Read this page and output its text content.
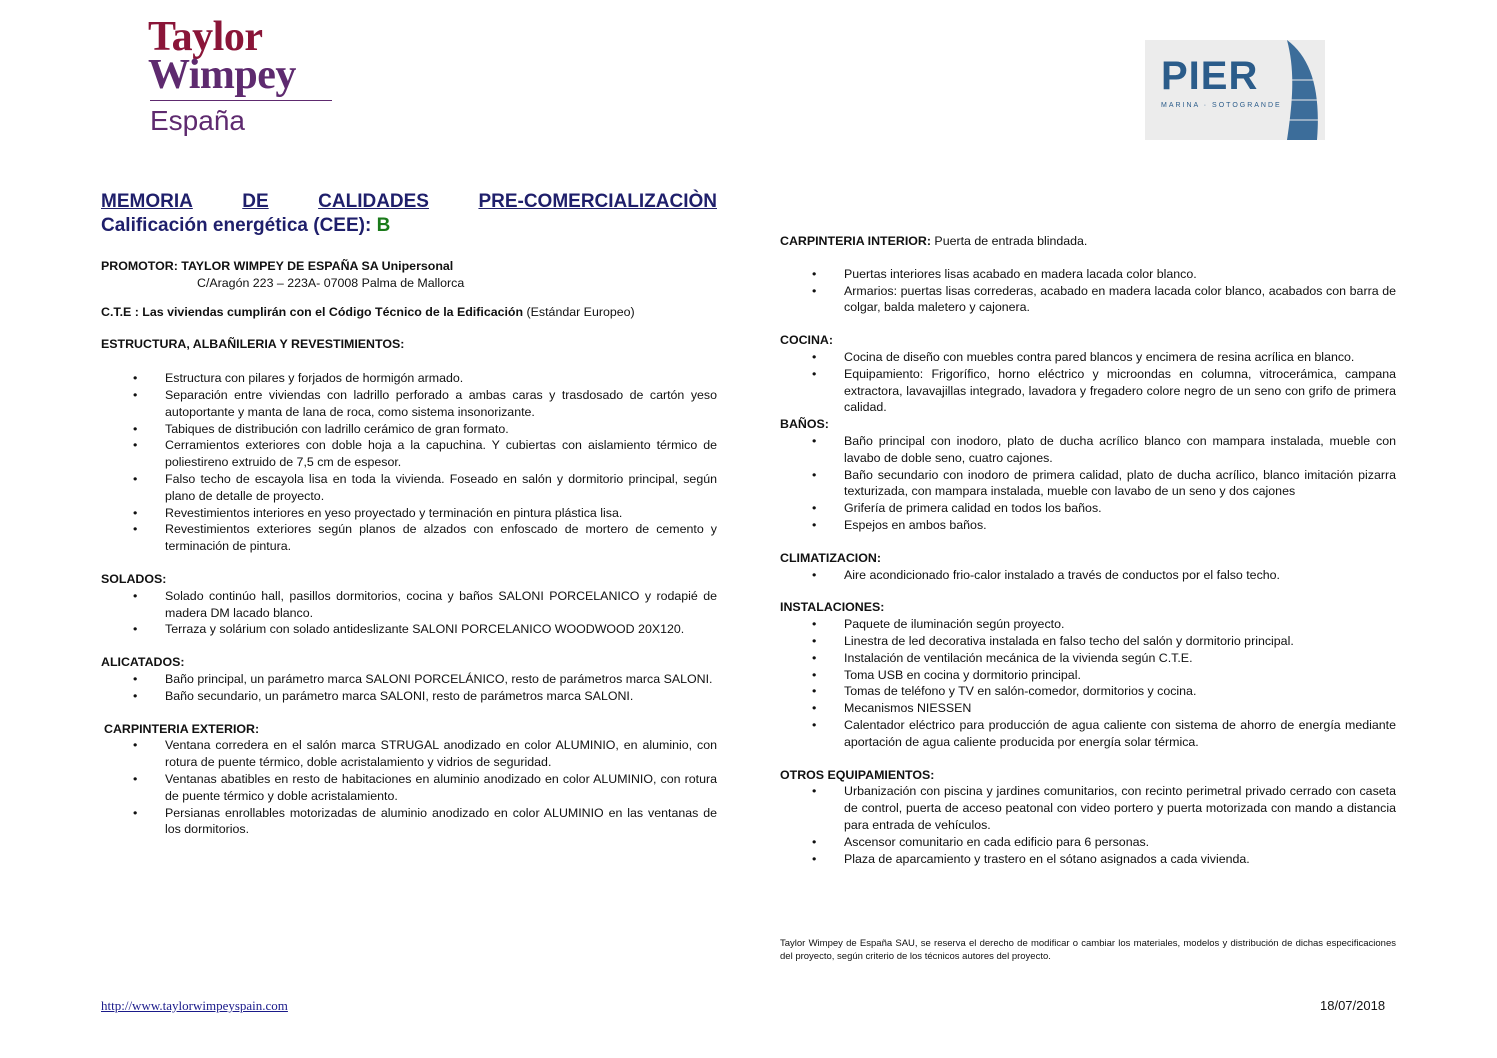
Taylor
Wimpey
España
PIER
MARINA · SOTOGRANDE
MEMORIA	DE	CALIDADES	PRE-COMERCIALIZACIÒN
Calificación energética (CEE): B
PROMOTOR: TAYLOR WIMPEY DE ESPAÑA SA Unipersonal
C/Aragón 223 – 223A- 07008 Palma de Mallorca
C.T.E : Las viviendas cumplirán con el Código Técnico de la Edificación (Estándar Europeo)
ESTRUCTURA, ALBAÑILERIA Y REVESTIMIENTOS:
• Estructura con pilares y forjados de hormigón armado.
• Separación entre viviendas con ladrillo perforado a ambas caras y trasdosado de cartón yeso autoportante y manta de lana de roca, como sistema insonorizante.
• Tabiques de distribución con ladrillo cerámico de gran formato.
• Cerramientos exteriores con doble hoja a la capuchina. Y cubiertas con aislamiento térmico de poliestireno extruido de 7,5 cm de espesor.
• Falso techo de escayola lisa en toda la vivienda. Foseado en salón y dormitorio principal, según plano de detalle de proyecto.
• Revestimientos interiores en yeso proyectado y terminación en pintura plástica lisa.
• Revestimientos exteriores según planos de alzados con enfoscado de mortero de cemento y terminación de pintura.
SOLADOS:
• Solado continúo hall, pasillos dormitorios, cocina y baños SALONI PORCELANICO y rodapié de madera DM lacado blanco.
• Terraza y solárium con solado antideslizante SALONI PORCELANICO WOODWOOD 20X120.
ALICATADOS:
• Baño principal, un parámetro marca SALONI PORCELÁNICO, resto de parámetros marca SALONI.
• Baño secundario, un parámetro marca SALONI, resto de parámetros marca SALONI.
CARPINTERIA EXTERIOR:
• Ventana corredera en el salón marca STRUGAL anodizado en color ALUMINIO, en aluminio, con rotura de puente térmico, doble acristalamiento y vidrios de seguridad.
• Ventanas abatibles en resto de habitaciones en aluminio anodizado en color ALUMINIO, con rotura de puente térmico y doble acristalamiento.
• Persianas enrollables motorizadas de aluminio anodizado en color ALUMINIO en las ventanas de los dormitorios.
CARPINTERIA INTERIOR: Puerta de entrada blindada.
• Puertas interiores lisas acabado en madera lacada color blanco.
• Armarios: puertas lisas correderas, acabado en madera lacada color blanco, acabados con barra de colgar, balda maletero y cajonera.
COCINA:
• Cocina de diseño con muebles contra pared blancos y encimera de resina acrílica en blanco.
• Equipamiento: Frigorífico, horno eléctrico y microondas en columna, vitrocerámica, campana extractora, lavavajillas integrado, lavadora y fregadero colore negro de un seno con grifo de primera calidad.
BAÑOS:
• Baño principal con inodoro, plato de ducha acrílico blanco con mampara instalada, mueble con lavabo de doble seno, cuatro cajones.
• Baño secundario con inodoro de primera calidad, plato de ducha acrílico, blanco imitación pizarra texturizada, con mampara instalada, mueble con lavabo de un seno y dos cajones
• Grifería de primera calidad en todos los baños.
• Espejos en ambos baños.
CLIMATIZACION:
• Aire acondicionado frio-calor instalado a través de conductos por el falso techo.
INSTALACIONES:
• Paquete de iluminación según proyecto.
• Linestra de led decorativa instalada en falso techo del salón y dormitorio principal.
• Instalación de ventilación mecánica de la vivienda según C.T.E.
• Toma USB en cocina y dormitorio principal.
• Tomas de teléfono y TV en salón-comedor, dormitorios y cocina.
• Mecanismos NIESSEN
• Calentador eléctrico para producción de agua caliente con sistema de ahorro de energía mediante aportación de agua caliente producida por energía solar térmica.
OTROS EQUIPAMIENTOS:
• Urbanización con piscina y jardines comunitarios, con recinto perimetral privado cerrado con caseta de control, puerta de acceso peatonal con video portero y puerta motorizada con mando a distancia para entrada de vehículos.
• Ascensor comunitario en cada edificio para 6 personas.
• Plaza de aparcamiento y trastero en el sótano asignados a cada vivienda.
Taylor Wimpey de España SAU, se reserva el derecho de modificar o cambiar los materiales, modelos y distribución de dichas especificaciones del proyecto, según criterio de los técnicos autores del proyecto.
http://www.taylorwimpeyspain.com	18/07/2018
